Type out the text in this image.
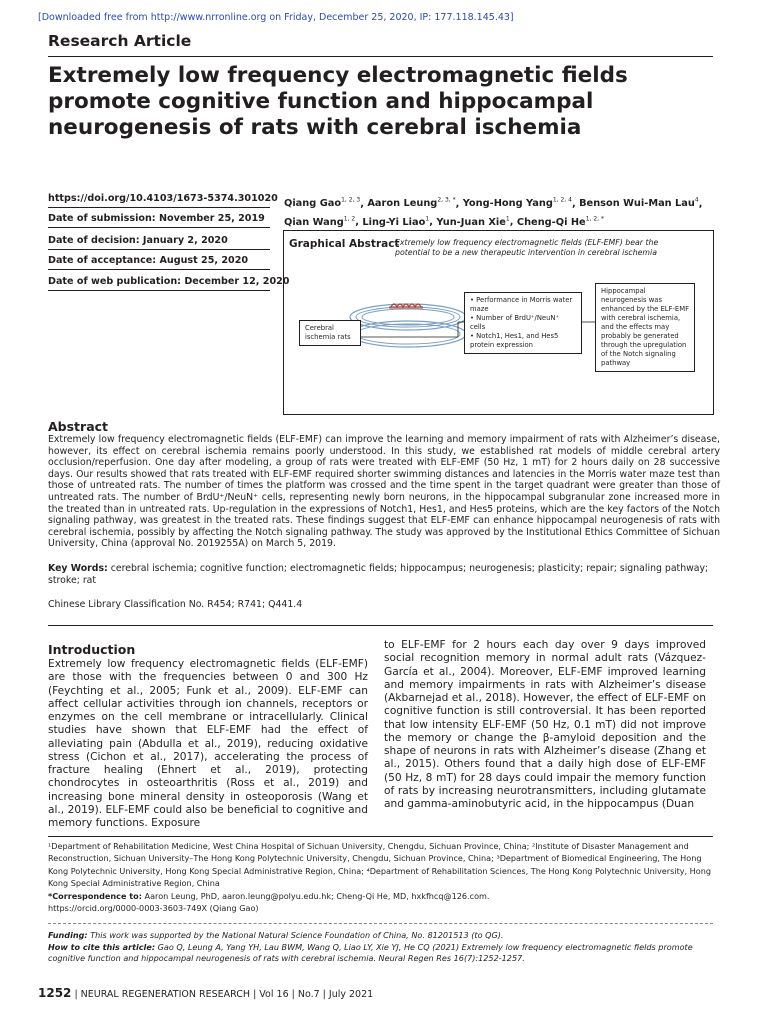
[Downloaded free from http://www.nrronline.org on Friday, December 25, 2020, IP: 177.118.145.43]
Research Article
Extremely low frequency electromagnetic fields promote cognitive function and hippocampal neurogenesis of rats with cerebral ischemia
https://doi.org/10.4103/1673-5374.301020
Date of submission: November 25, 2019
Date of decision: January 2, 2020
Date of acceptance: August 25, 2020
Date of web publication: December 12, 2020
Qiang Gao$^{1, 2, 3}$, Aaron Leung$^{2, 3, *}$, Yong-Hong Yang$^{1, 2, 4}$, Benson Wui-Man Lau$^4$, Qian Wang$^{1, 2}$, Ling-Yi Liao$^1$, Yun-Juan Xie$^1$, Cheng-Qi $He^{1, 2, *}$
Graphical Abstract
Extremely low frequency electromagnetic fields (ELF-EMF) bear the potential to be a new therapeutic intervention in cerebral ischemia
Cerebral ischemia rats
• Performance in Morris water maze
• Number of BrdU⁺/NeuN⁺ cells
• Notch1, Hes1, and Hes5 protein expression
Hippocampal neurogenesis was enhanced by the ELF-EMF with cerebral ischemia, and the effects may probably be generated through the upregulation of the Notch signaling pathway
Abstract
Extremely low frequency electromagnetic fields (ELF-EMF) can improve the learning and memory impairment of rats with Alzheimer’s disease, however, its effect on cerebral ischemia remains poorly understood. In this study, we established rat models of middle cerebral artery occlusion/reperfusion. One day after modeling, a group of rats were treated with ELF-EMF (50 Hz, 1 mT) for 2 hours daily on 28 successive days. Our results showed that rats treated with ELF-EMF required shorter swimming distances and latencies in the Morris water maze test than those of untreated rats. The number of times the platform was crossed and the time spent in the target quadrant were greater than those of untreated rats. The number of BrdU⁺/NeuN⁺ cells, representing newly born neurons, in the hippocampal subgranular zone increased more in the treated than in untreated rats. Up-regulation in the expressions of Notch1, Hes1, and Hes5 proteins, which are the key factors of the Notch signaling pathway, was greatest in the treated rats. These findings suggest that ELF-EMF can enhance hippocampal neurogenesis of rats with cerebral ischemia, possibly by affecting the Notch signaling pathway. The study was approved by the Institutional Ethics Committee of Sichuan University, China (approval No. 2019255A) on March 5, 2019.
Key Words: cerebral ischemia; cognitive function; electromagnetic fields; hippocampus; neurogenesis; plasticity; repair; signaling pathway; stroke; rat
Chinese Library Classification No. R454; R741; Q441.4
Introduction
Extremely low frequency electromagnetic fields (ELF-EMF) are those with the frequencies between 0 and 300 Hz (Feychting et al., 2005; Funk et al., 2009). ELF-EMF can affect cellular activities through ion channels, receptors or enzymes on the cell membrane or intracellularly. Clinical studies have shown that ELF-EMF had the effect of alleviating pain (Abdulla et al., 2019), reducing oxidative stress (Cichon et al., 2017), accelerating the process of fracture healing (Ehnert et al., 2019), protecting chondrocytes in osteoarthritis (Ross et al., 2019) and increasing bone mineral density in osteoporosis (Wang et al., 2019). ELF-EMF could also be beneficial to cognitive and memory functions. Exposure
to ELF-EMF for 2 hours each day over 9 days improved social recognition memory in normal adult rats (Vázquez-García et al., 2004). Moreover, ELF-EMF improved learning and memory impairments in rats with Alzheimer’s disease (Akbarnejad et al., 2018). However, the effect of ELF-EMF on cognitive function is still controversial. It has been reported that low intensity ELF-EMF (50 Hz, 0.1 mT) did not improve the memory or change the β-amyloid deposition and the shape of neurons in rats with Alzheimer’s disease (Zhang et al., 2015). Others found that a daily high dose of ELF-EMF (50 Hz, 8 mT) for 28 days could impair the memory function of rats by increasing neurotransmitters, including glutamate and gamma-aminobutyric acid, in the hippocampus (Duan
¹Department of Rehabilitation Medicine, West China Hospital of Sichuan University, Chengdu, Sichuan Province, China; ²Institute of Disaster Management and Reconstruction, Sichuan University–The Hong Kong Polytechnic University, Chengdu, Sichuan Province, China; ³Department of Biomedical Engineering, The Hong Kong Polytechnic University, Hong Kong Special Administrative Region, China; ⁴Department of Rehabilitation Sciences, The Hong Kong Polytechnic University, Hong Kong Special Administrative Region, China
*Correspondence to: Aaron Leung, PhD, aaron.leung@polyu.edu.hk; Cheng-Qi He, MD, hxkfhcq@126.com.
https://orcid.org/0000-0003-3603-749X (Qiang Gao)
Funding: This work was supported by the National Natural Science Foundation of China, No. 81201513 (to QG).
How to cite this article: Gao Q, Leung A, Yang YH, Lau BWM, Wang Q, Liao LY, Xie YJ, He CQ (2021) Extremely low frequency electromagnetic fields promote cognitive function and hippocampal neurogenesis of rats with cerebral ischemia. Neural Regen Res 16(7):1252-1257.
1252 | NEURAL REGENERATION RESEARCH | Vol 16 | No.7 | July 2021
